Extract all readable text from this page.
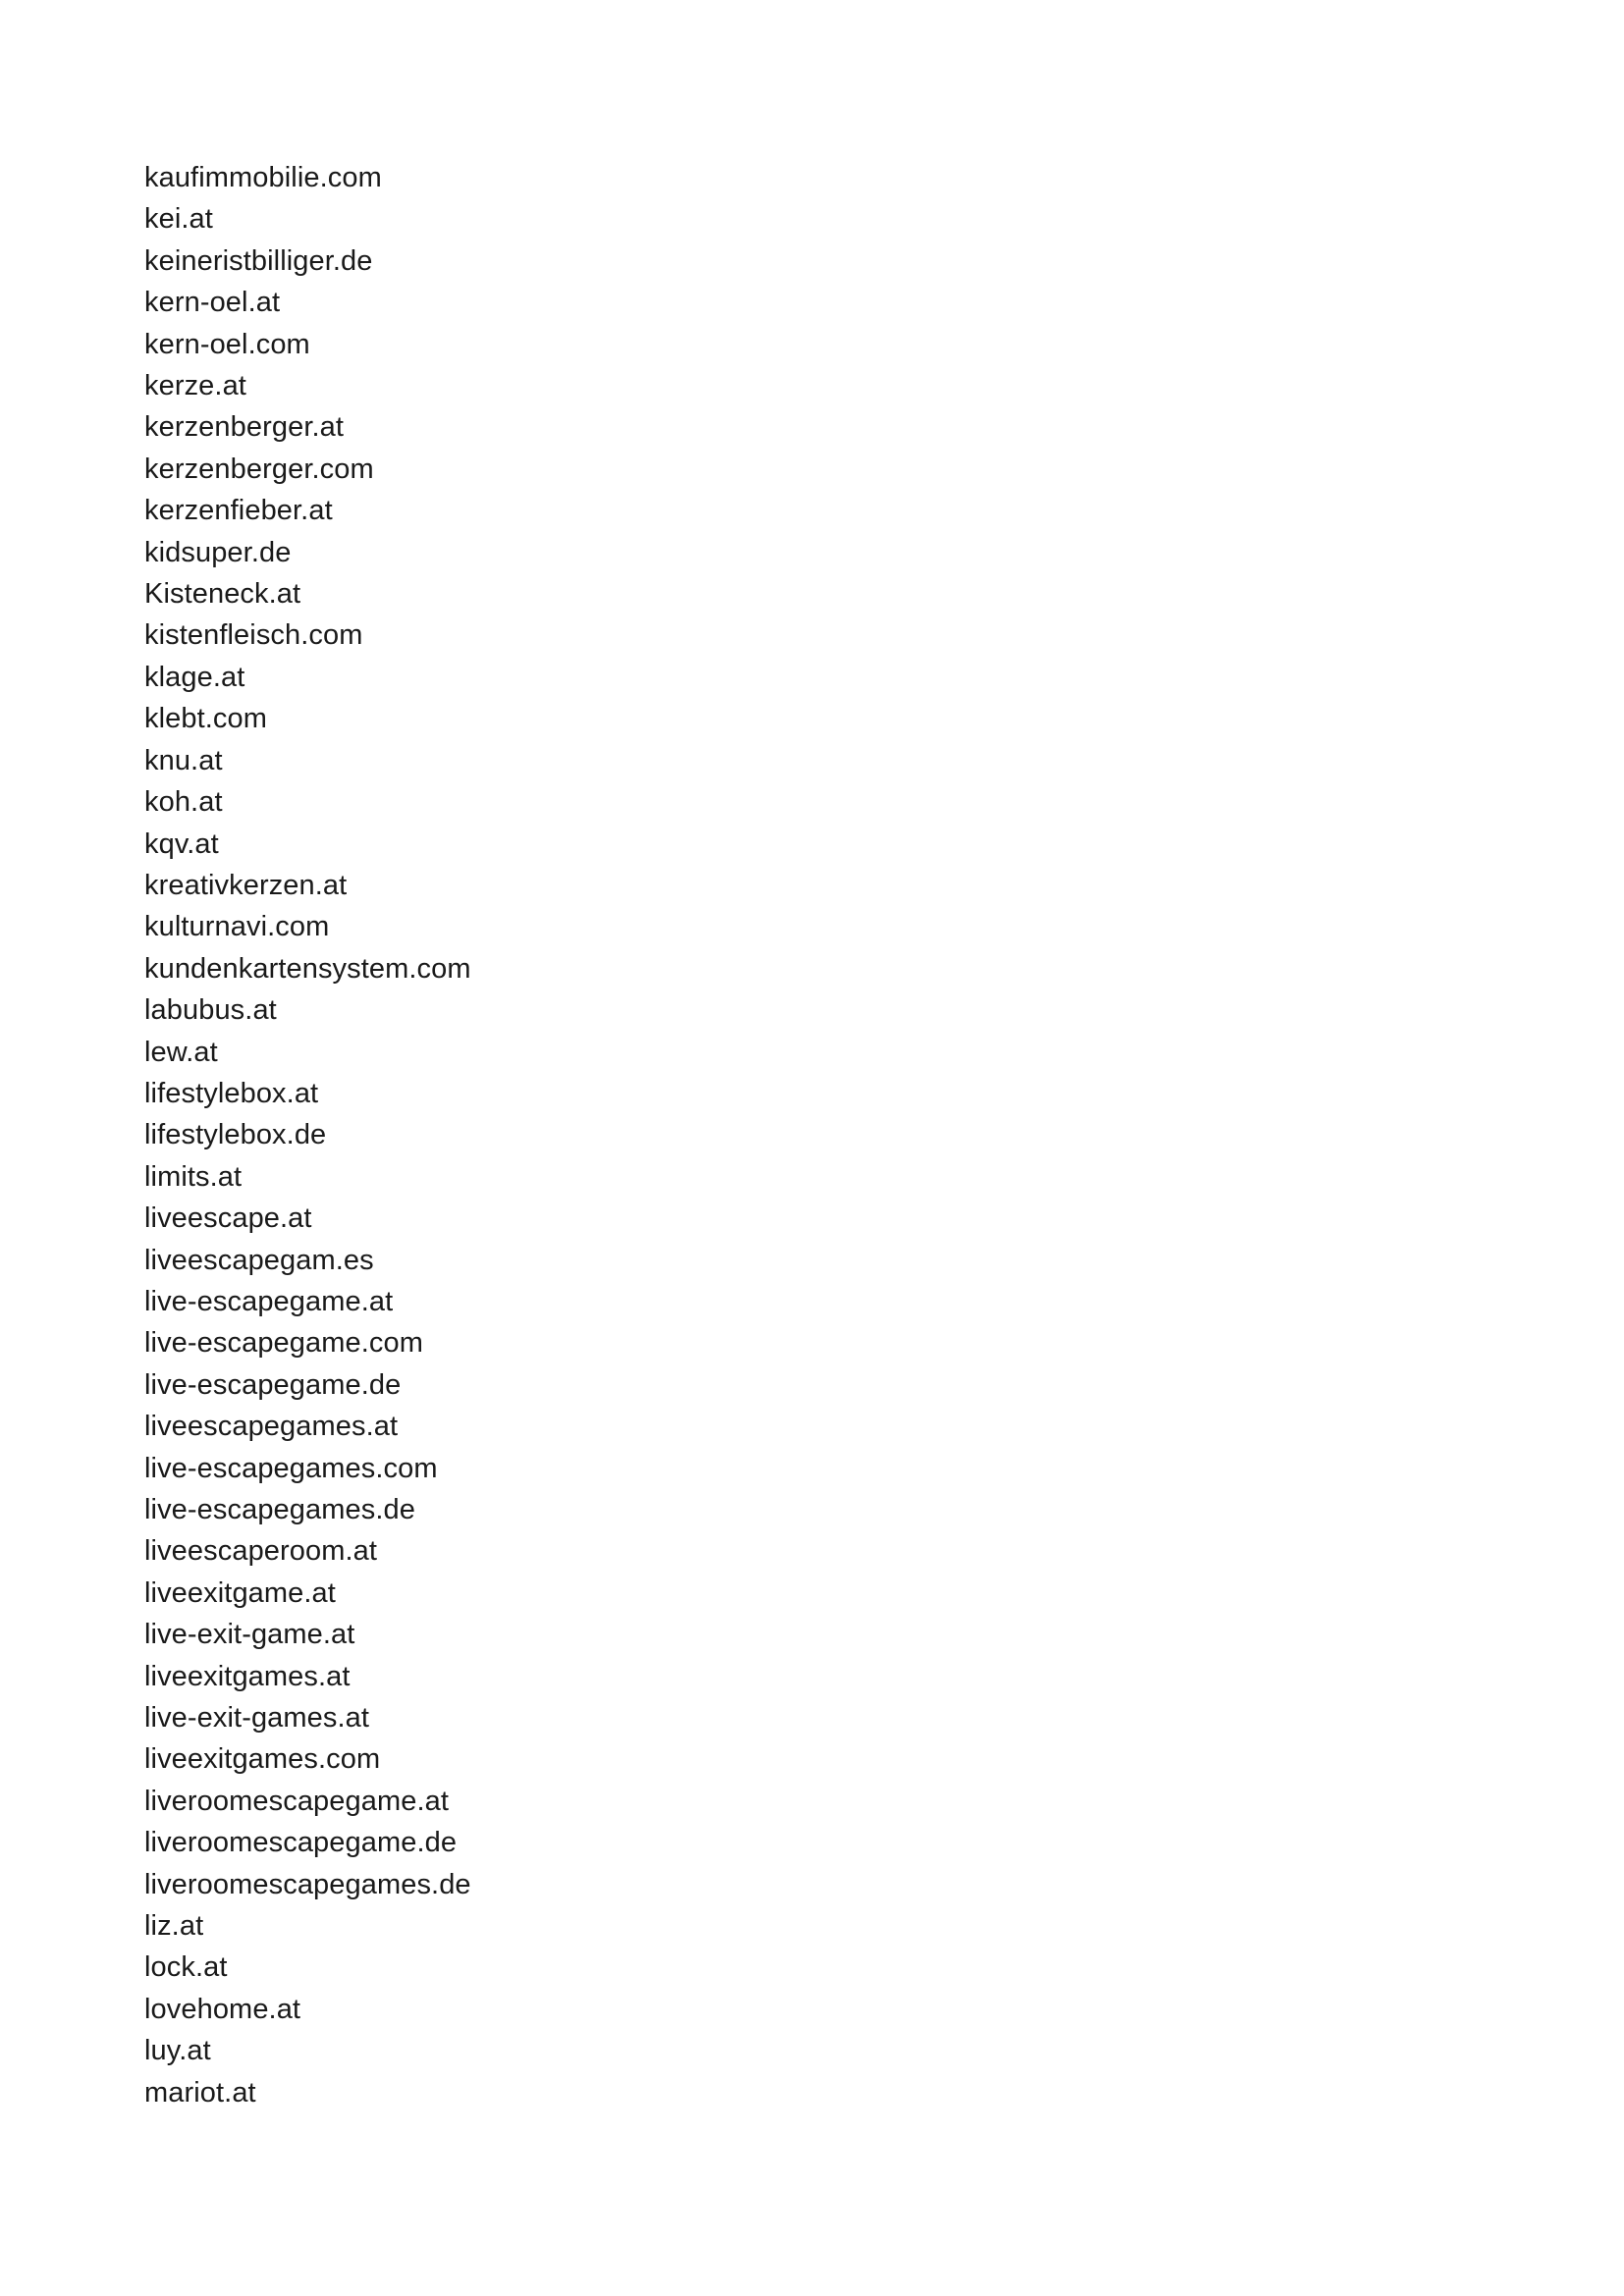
kaufimmobilie.com
kei.at
keineristbilliger.de
kern-oel.at
kern-oel.com
kerze.at
kerzenberger.at
kerzenberger.com
kerzenfieber.at
kidsuper.de
Kisteneck.at
kistenfleisch.com
klage.at
klebt.com
knu.at
koh.at
kqv.at
kreativkerzen.at
kulturnavi.com
kundenkartensystem.com
labubus.at
lew.at
lifestylebox.at
lifestylebox.de
limits.at
liveescape.at
liveescapegam.es
live-escapegame.at
live-escapegame.com
live-escapegame.de
liveescapegames.at
live-escapegames.com
live-escapegames.de
liveescaperoom.at
liveexitgame.at
live-exit-game.at
liveexitgames.at
live-exit-games.at
liveexitgames.com
liveroomescapegame.at
liveroomescapegame.de
liveroomescapegames.de
liz.at
lock.at
lovehome.at
luy.at
mariot.at
